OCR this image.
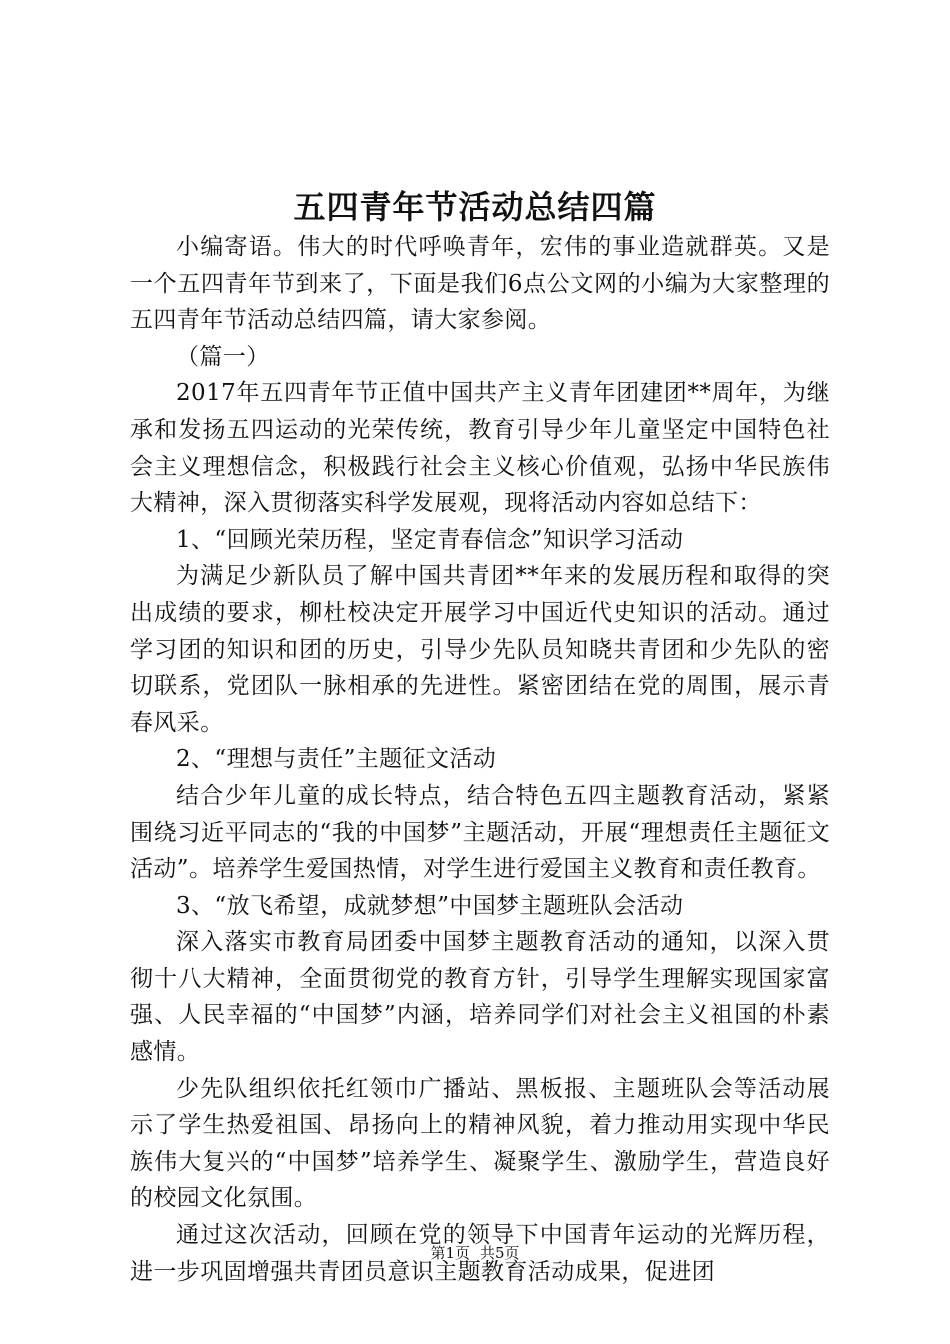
五四青年节活动总结四篇

小编寄语。伟大的时代呼唤青年，宏伟的事业造就群英。又是一个五四青年节到来了，下面是我们6点公文网的小编为大家整理的五四青年节活动总结四篇，请大家参阅。

（篇一）

2017年五四青年节正值中国共产主义青年团建团**周年，为继承和发扬五四运动的光荣传统，教育引导少年儿童坚定中国特色社会主义理想信念，积极践行社会主义核心价值观，弘扬中华民族伟大精神，深入贯彻落实科学发展观，现将活动内容如总结下：

1、“回顾光荣历程，坚定青春信念”知识学习活动

为满足少新队员了解中国共青团**年来的发展历程和取得的突出成绩的要求，柳杜校决定开展学习中国近代史知识的活动。通过学习团的知识和团的历史，引导少先队员知晓共青团和少先队的密切联系，党团队一脉相承的先进性。紧密团结在党的周围，展示青春风采。

2、“理想与责任”主题征文活动

结合少年儿童的成长特点，结合特色五四主题教育活动，紧紧围绕习近平同志的“我的中国梦”主题活动，开展“理想责任主题征文活动”。培养学生爱国热情，对学生进行爱国主义教育和责任教育。

3、“放飞希望，成就梦想”中国梦主题班队会活动

深入落实市教育局团委中国梦主题教育活动的通知，以深入贯彻十八大精神，全面贯彻党的教育方针，引导学生理解实现国家富强、人民幸福的“中国梦”内涵，培养同学们对社会主义祖国的朴素感情。

少先队组织依托红领巾广播站、黑板报、主题班队会等活动展示了学生热爱祖国、昂扬向上的精神风貌，着力推动用实现中华民族伟大复兴的“中国梦”培养学生、凝聚学生、激励学生，营造良好的校园文化氛围。

通过这次活动，回顾在党的领导下中国青年运动的光辉历程，进一步巩固增强共青团员意识主题教育活动成果，促进团

第1页 共5页
